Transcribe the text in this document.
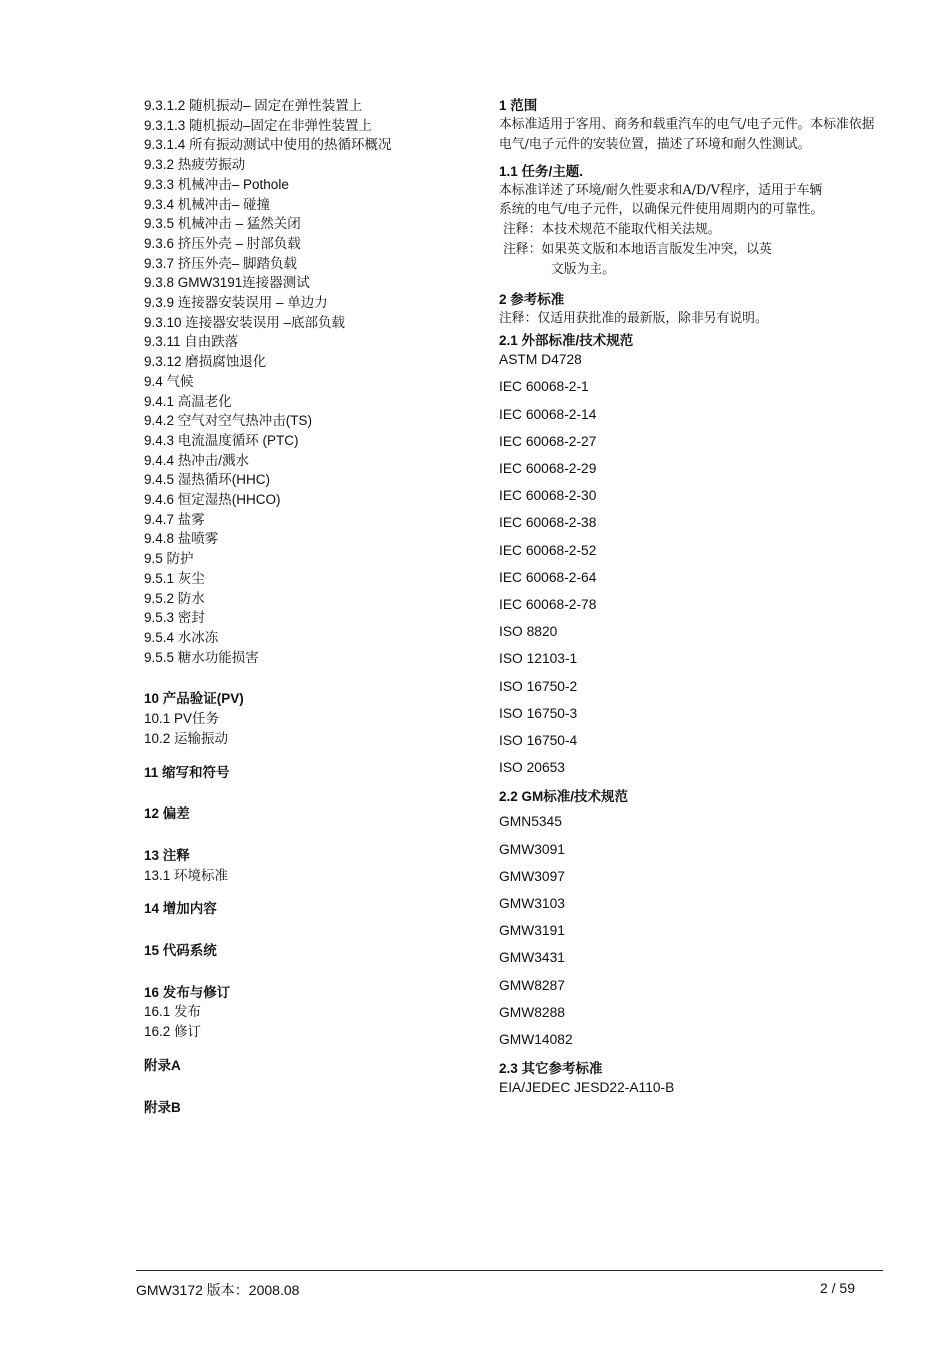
9.3.1.2 随机振动– 固定在弹性装置上
9.3.1.3 随机振动–固定在非弹性装置上
9.3.1.4 所有振动测试中使用的热循环概况
9.3.2 热疲劳振动
9.3.3 机械冲击– Pothole
9.3.4 机械冲击– 碰撞
9.3.5 机械冲击 – 猛然关闭
9.3.6 挤压外壳 – 肘部负载
9.3.7 挤压外壳– 脚踏负载
9.3.8 GMW3191连接器测试
9.3.9 连接器安装误用 – 单边力
9.3.10 连接器安装误用 –底部负载
9.3.11 自由跌落
9.3.12 磨损腐蚀退化
9.4 气候
9.4.1 高温老化
9.4.2 空气对空气热冲击(TS)
9.4.3 电流温度循环 (PTC)
9.4.4 热冲击/溅水
9.4.5 湿热循环(HHC)
9.4.6 恒定湿热(HHCO)
9.4.7 盐雾
9.4.8 盐喷雾
9.5 防护
9.5.1 灰尘
9.5.2 防水
9.5.3 密封
9.5.4 水冰冻
9.5.5 糖水功能损害
10 产品验证(PV)
10.1 PV任务
10.2 运输振动
11 缩写和符号
12 偏差
13 注释
13.1 环境标准
14 增加内容
15 代码系统
16 发布与修订
16.1 发布
16.2 修订
附录A
附录B
1 范围
本标准适用于客用、商务和载重汽车的电气/电子元件。本标准依据电气/电子元件的安装位置，描述了环境和耐久性测试。
1.1 任务/主题.
本标准详述了环境/耐久性要求和A/D/V程序，适用于车辆系统的电气/电子元件，以确保元件使用周期内的可靠性。
注释：本技术规范不能取代相关法规。
注释：如果英文版和本地语言版发生冲突，以英
文版为主。
2 参考标准
注释：仅适用获批准的最新版，除非另有说明。
2.1 外部标准/技术规范
ASTM D4728
IEC 60068-2-1
IEC 60068-2-14
IEC 60068-2-27
IEC 60068-2-29
IEC 60068-2-30
IEC 60068-2-38
IEC 60068-2-52
IEC 60068-2-64
IEC 60068-2-78
ISO 8820
ISO 12103-1
ISO 16750-2
ISO 16750-3
ISO 16750-4
ISO 20653
2.2 GM标准/技术规范
GMN5345
GMW3091
GMW3097
GMW3103
GMW3191
GMW3431
GMW8287
GMW8288
GMW14082
2.3 其它参考标准
EIA/JEDEC JESD22-A110-B
GMW3172 版本：2008.08	2 / 59
